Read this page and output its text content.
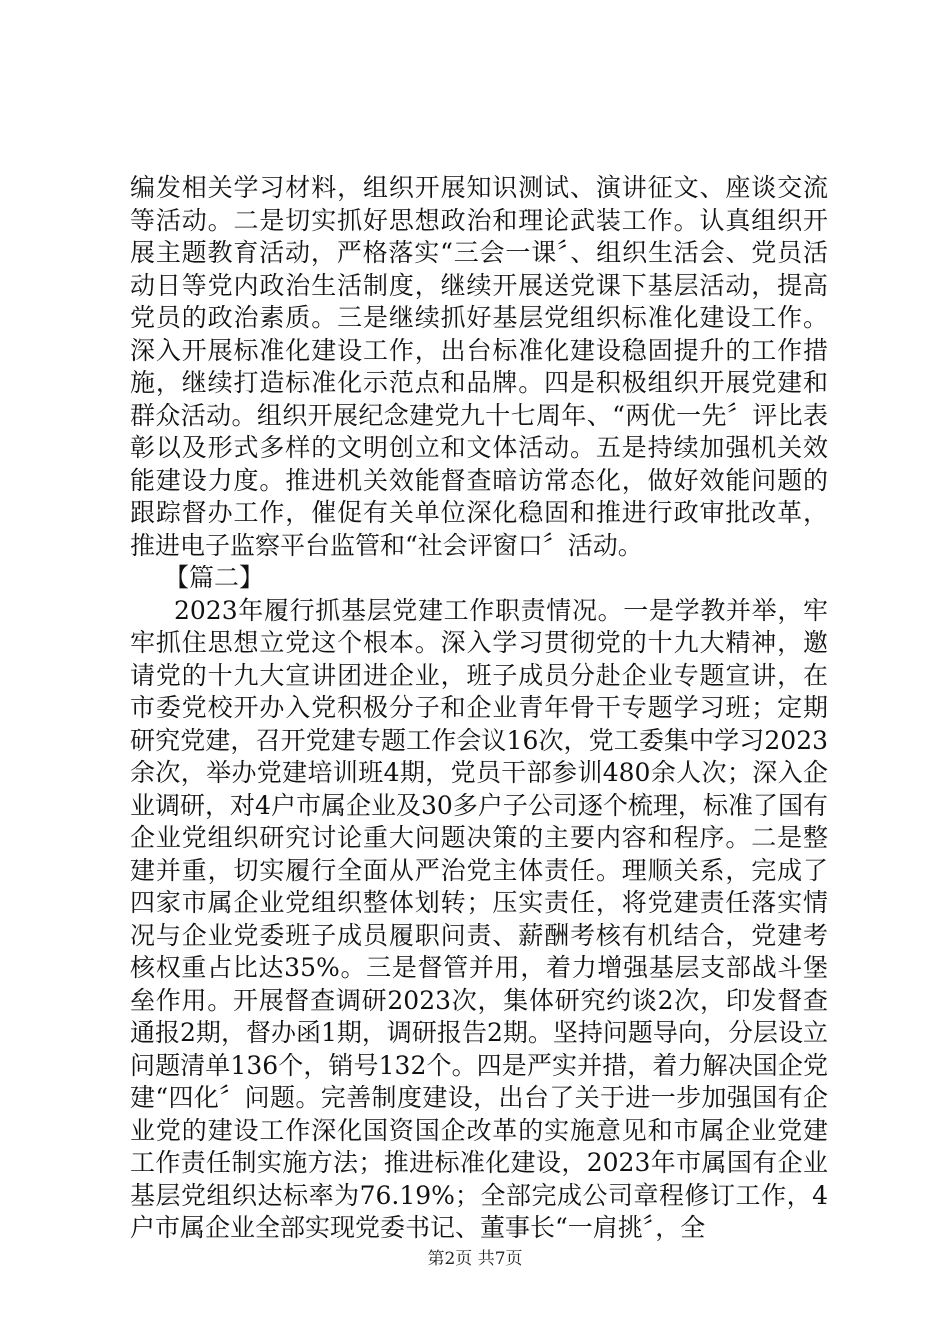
编发相关学习材料，组织开展知识测试、演讲征文、座谈交流等活动。二是切实抓好思想政治和理论武装工作。认真组织开展主题教育活动，严格落实“三会一课〞、组织生活会、党员活动日等党内政治生活制度，继续开展送党课下基层活动，提高党员的政治素质。三是继续抓好基层党组织标准化建设工作。深入开展标准化建设工作，出台标准化建设稳固提升的工作措施，继续打造标准化示范点和品牌。四是积极组织开展党建和群众活动。组织开展纪念建党九十七周年、“两优一先〞评比表彰以及形式多样的文明创立和文体活动。五是持续加强机关效能建设力度。推进机关效能督查暗访常态化，做好效能问题的跟踪督办工作，催促有关单位深化稳固和推进行政审批改革，推进电子监察平台监管和“社会评窗口〞活动。

【篇二】

2023年履行抓基层党建工作职责情况。一是学教并举，牢牢抓住思想立党这个根本。深入学习贯彻党的十九大精神，邀请党的十九大宣讲团进企业，班子成员分赴企业专题宣讲，在市委党校开办入党积极分子和企业青年骨干专题学习班；定期研究党建，召开党建专题工作会议16次，党工委集中学习2023余次，举办党建培训班4期，党员干部参训480余人次；深入企业调研，对4户市属企业及30多户子公司逐个梳理，标准了国有企业党组织研究讨论重大问题决策的主要内容和程序。二是整建并重，切实履行全面从严治党主体责任。理顺关系，完成了四家市属企业党组织整体划转；压实责任，将党建责任落实情况与企业党委班子成员履职问责、薪酬考核有机结合，党建考核权重占比达35%。三是督管并用，着力增强基层支部战斗堡垒作用。开展督查调研2023次，集体研究约谈2次，印发督查通报2期，督办函1期，调研报告2期。坚持问题导向，分层设立问题清单136个，销号132个。四是严实并措，着力解决国企党建“四化〞问题。完善制度建设，出台了关于进一步加强国有企业党的建设工作深化国资国企改革的实施意见和市属企业党建工作责任制实施方法；推进标准化建设，2023年市属国有企业基层党组织达标率为76.19%；全部完成公司章程修订工作，4户市属企业全部实现党委书记、董事长“一肩挑〞，全

第2页 共7页
